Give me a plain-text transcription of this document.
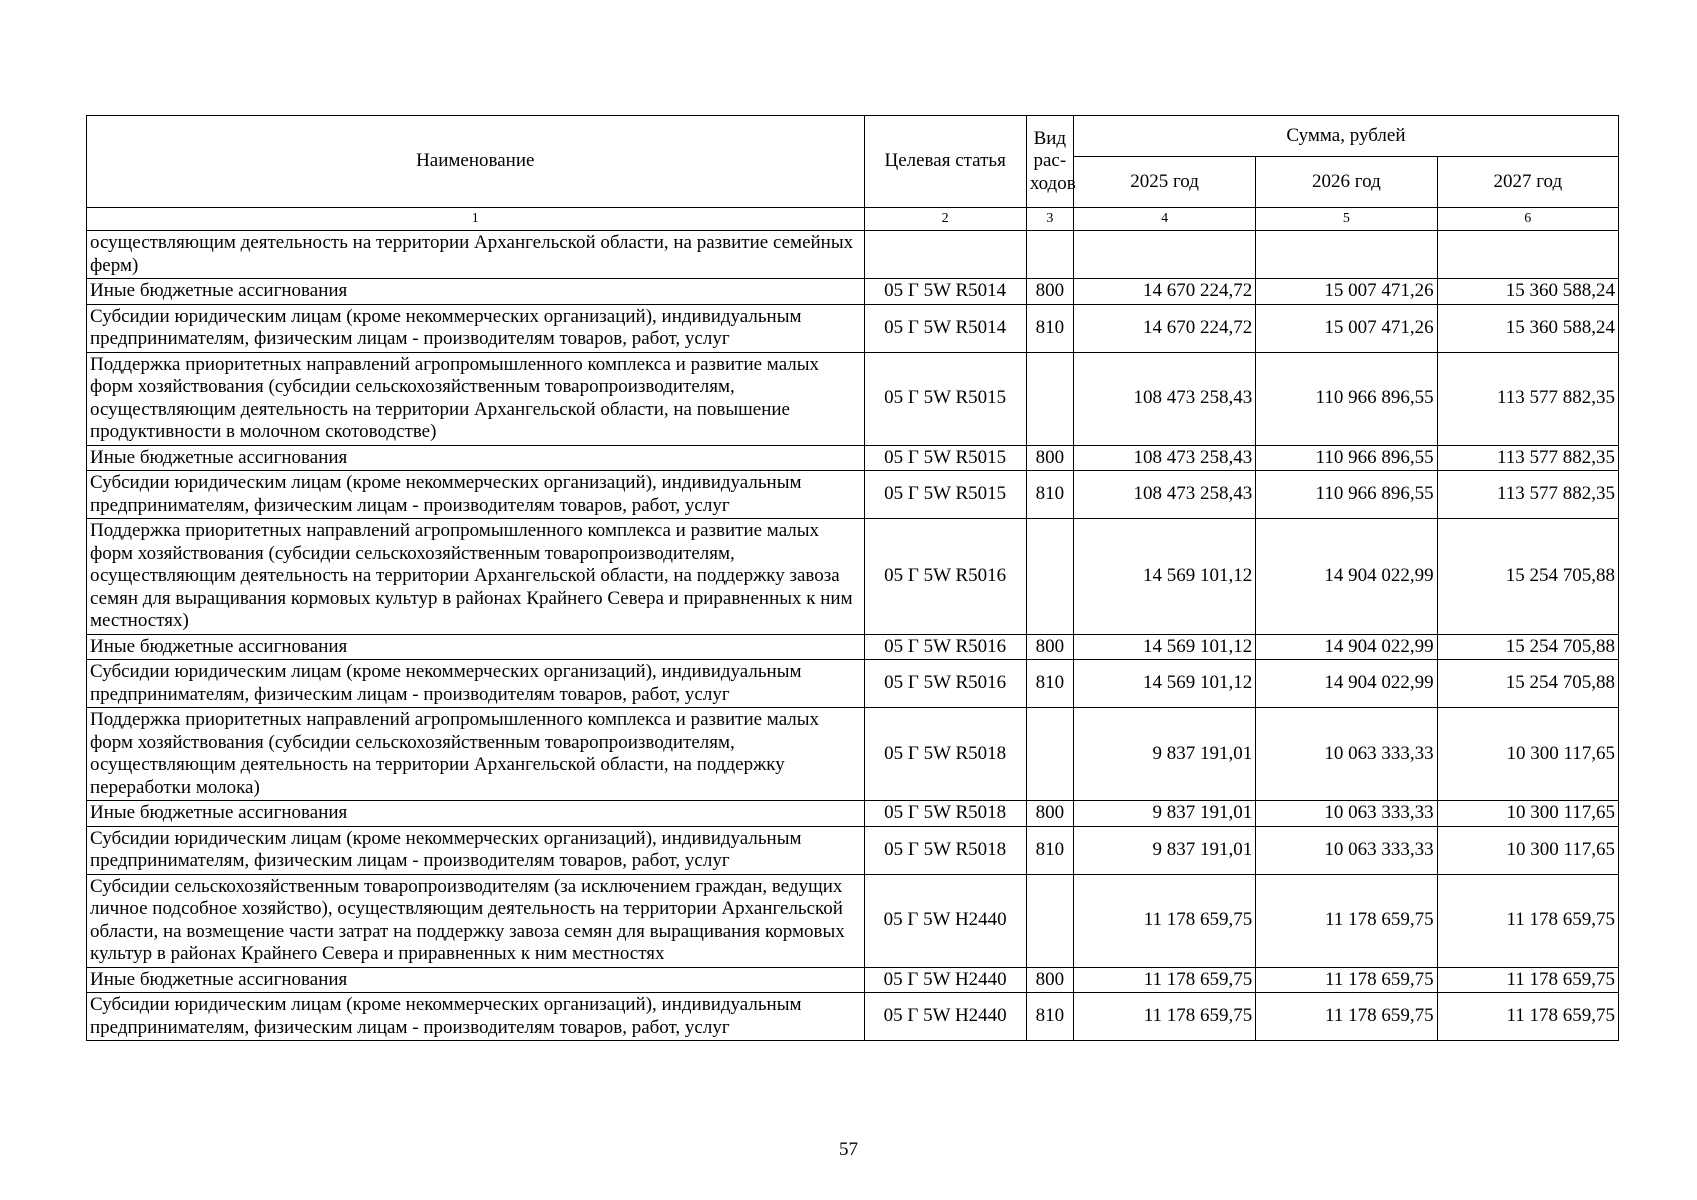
Наименование	Целевая статья	Вид рас-ходов	Сумма, рублей		
			2025 год	2026 год	2027 год
1	2	3	4	5	6
осуществляющим деятельность на территории Архангельской области, на развитие семейных ферм)					
Иные бюджетные ассигнования	05 Г 5W R5014	800	14 670 224,72	15 007 471,26	15 360 588,24
Субсидии юридическим лицам (кроме некоммерческих организаций), индивидуальным предпринимателям, физическим лицам - производителям товаров, работ, услуг	05 Г 5W R5014	810	14 670 224,72	15 007 471,26	15 360 588,24
Поддержка приоритетных направлений агропромышленного комплекса и развитие малых форм хозяйствования (субсидии сельскохозяйственным товаропроизводителям, осуществляющим деятельность на территории Архангельской области, на повышение продуктивности в молочном скотоводстве)	05 Г 5W R5015		108 473 258,43	110 966 896,55	113 577 882,35
Иные бюджетные ассигнования	05 Г 5W R5015	800	108 473 258,43	110 966 896,55	113 577 882,35
Субсидии юридическим лицам (кроме некоммерческих организаций), индивидуальным предпринимателям, физическим лицам - производителям товаров, работ, услуг	05 Г 5W R5015	810	108 473 258,43	110 966 896,55	113 577 882,35
Поддержка приоритетных направлений агропромышленного комплекса и развитие малых форм хозяйствования (субсидии сельскохозяйственным товаропроизводителям, осуществляющим деятельность на территории Архангельской области, на поддержку завоза семян для выращивания кормовых культур в районах Крайнего Севера и приравненных к ним местностях)	05 Г 5W R5016		14 569 101,12	14 904 022,99	15 254 705,88
Иные бюджетные ассигнования	05 Г 5W R5016	800	14 569 101,12	14 904 022,99	15 254 705,88
Субсидии юридическим лицам (кроме некоммерческих организаций), индивидуальным предпринимателям, физическим лицам - производителям товаров, работ, услуг	05 Г 5W R5016	810	14 569 101,12	14 904 022,99	15 254 705,88
Поддержка приоритетных направлений агропромышленного комплекса и развитие малых форм хозяйствования (субсидии сельскохозяйственным товаропроизводителям, осуществляющим деятельность на территории Архангельской области, на поддержку переработки молока)	05 Г 5W R5018		9 837 191,01	10 063 333,33	10 300 117,65
Иные бюджетные ассигнования	05 Г 5W R5018	800	9 837 191,01	10 063 333,33	10 300 117,65
Субсидии юридическим лицам (кроме некоммерческих организаций), индивидуальным предпринимателям, физическим лицам - производителям товаров, работ, услуг	05 Г 5W R5018	810	9 837 191,01	10 063 333,33	10 300 117,65
Субсидии сельскохозяйственным товаропроизводителям (за исключением граждан, ведущих личное подсобное хозяйство), осуществляющим деятельность на территории Архангельской области, на возмещение части затрат на поддержку завоза семян для выращивания кормовых культур в районах Крайнего Севера и приравненных к ним местностях	05 Г 5W H2440		11 178 659,75	11 178 659,75	11 178 659,75
Иные бюджетные ассигнования	05 Г 5W H2440	800	11 178 659,75	11 178 659,75	11 178 659,75
Субсидии юридическим лицам (кроме некоммерческих организаций), индивидуальным предпринимателям, физическим лицам - производителям товаров, работ, услуг	05 Г 5W H2440	810	11 178 659,75	11 178 659,75	11 178 659,75
57
